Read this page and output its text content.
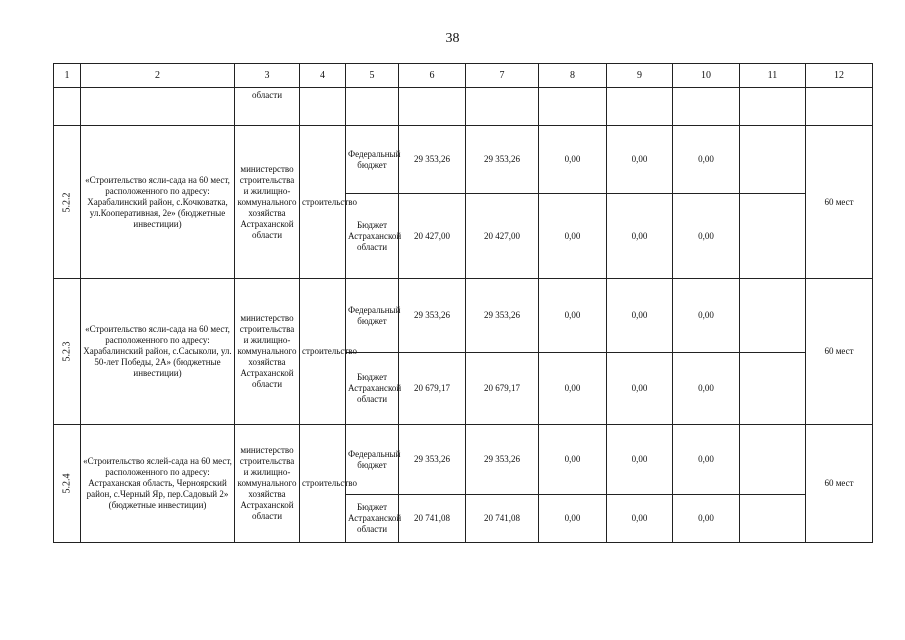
38
1	2	3	4	5	6	7	8	9	10	11	12
		области									
5.2.2	«Строительство ясли-сада на 60 мест, расположенного по адресу: Харабалинский район, с.Кочковатка, ул.Кооперативная, 2е» (бюджетные инвестиции)	министерство строительства и жилищно-коммунального хозяйства Астраханской области	строительство	Федеральный бюджет	29 353,26	29 353,26	0,00	0,00	0,00		60 мест
				Бюджет Астраханской области	20 427,00	20 427,00	0,00	0,00	0,00		
5.2.3	«Строительство ясли-сада на 60 мест, расположенного по адресу: Харабалинский район, с.Сасыколи, ул. 50-лет Победы, 2А» (бюджетные инвестиции)	министерство строительства и жилищно-коммунального хозяйства Астраханской области	строительство	Федеральный бюджет	29 353,26	29 353,26	0,00	0,00	0,00		60 мест
				Бюджет Астраханской области	20 679,17	20 679,17	0,00	0,00	0,00		
5.2.4	«Строительство яслей-сада на 60 мест, расположенного по адресу: Астраханская область, Черноярский район, с.Черный Яр, пер.Садовый 2» (бюджетные инвестиции)	министерство строительства и жилищно-коммунального хозяйства Астраханской области	строительство	Федеральный бюджет	29 353,26	29 353,26	0,00	0,00	0,00		60 мест
				Бюджет Астраханской области	20 741,08	20 741,08	0,00	0,00	0,00		
